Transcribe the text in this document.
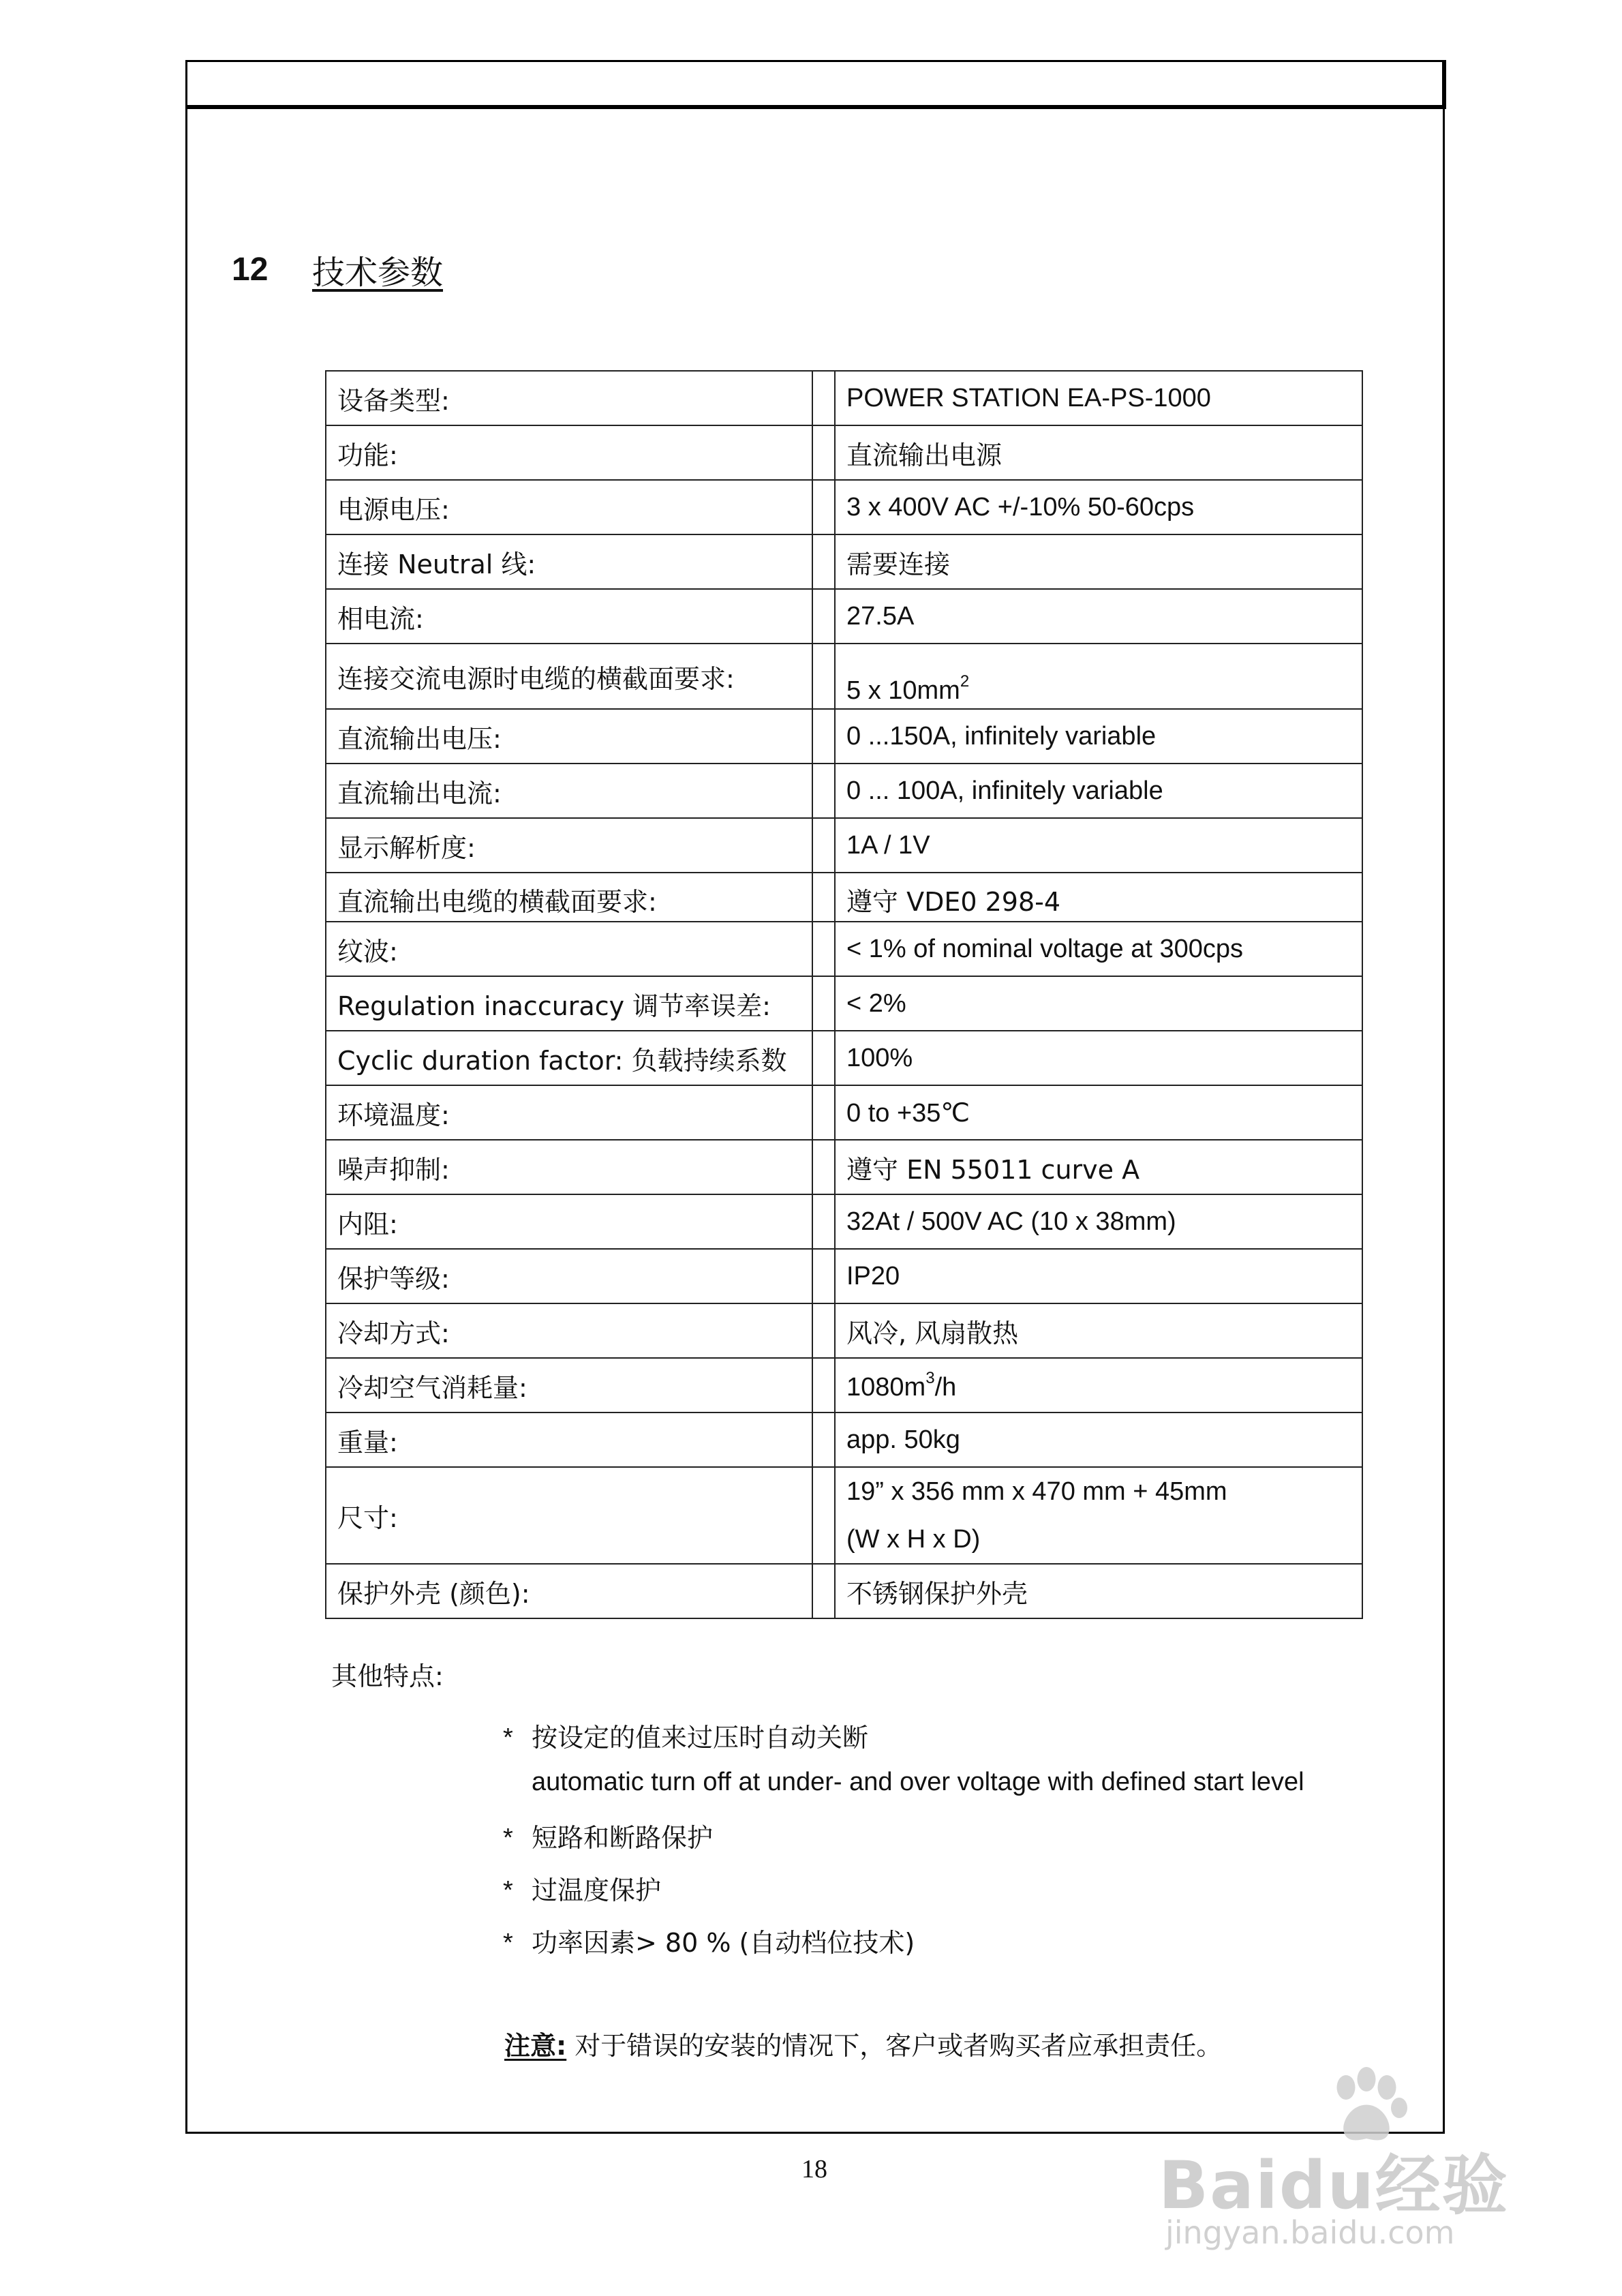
12	技术参数
设备类型:		POWER STATION EA-PS-1000
功能:		直流输出电源
电源电压:		3 x 400V AC +/-10% 50-60cps
连接 Neutral 线:		需要连接
相电流:		27.5A
连接交流电源时电缆的横截面要求:		5 x $10mm^2$
直流输出电压:		0 ...150A, infinitely variable
直流输出电流:		0 ... 100A, infinitely variable
显示解析度:		1A / 1V
直流输出电缆的横截面要求:		遵守 VDE0 298-4
纹波:		< 1% of nominal voltage at 300cps
Regulation inaccuracy 调节率误差:		< 2%
Cyclic duration factor: 负载持续系数		100%
环境温度:		0 to +35℃
噪声抑制:		遵守 EN 55011 curve A
内阻:		32At / 500V AC (10 x 38mm)
保护等级:		IP20
冷却方式:		风冷, 风扇散热
冷却空气消耗量:		$1080m^3/h$
重量:		app. 50kg
尺寸:		19” x 356 mm x 470 mm + 45mm
(W x H x D)

保护外壳 (颜色):		不锈钢保护外壳
其他特点:
* 按设定的值来过压时自动关断
automatic turn off at under- and over voltage with defined start level
* 短路和断路保护
* 过温度保护
* 功率因素> 80 % (自动档位技术)
注意: 对于错误的安装的情况下，客户或者购买者应承担责任。
18	Baidu经验
jingyan.baidu.com
